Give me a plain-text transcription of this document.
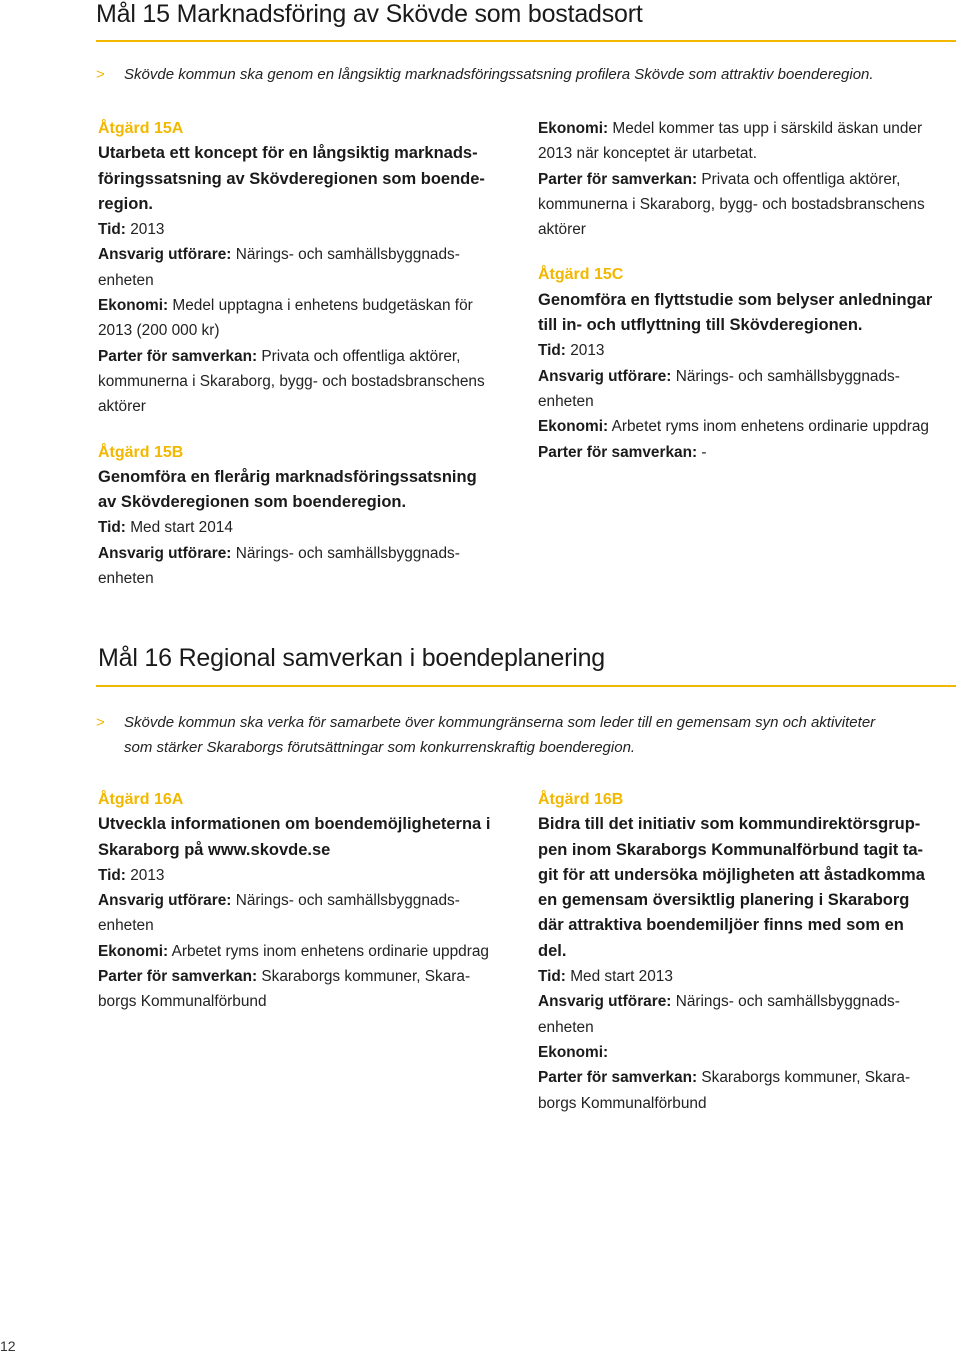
Mål 15 Marknadsföring av Skövde som bostadsort
> Skövde kommun ska genom en långsiktig marknadsföringssatsning profilera Skövde som attraktiv boenderegion.
Åtgärd 15A
Utarbeta ett koncept för en långsiktig marknads-
föringssatsning av Skövderegionen som boende-
region.
Tid: 2013
Ansvarig utförare: Närings- och samhällsbyggnads-
enheten
Ekonomi: Medel upptagna i enhetens budgetäskan för
2013 (200 000 kr)
Parter för samverkan: Privata och offentliga aktörer,
kommunerna i Skaraborg, bygg- och bostadsbranschens
aktörer
Åtgärd 15B
Genomföra en flerårig marknadsföringssatsning
av Skövderegionen som boenderegion.
Tid: Med start 2014
Ansvarig utförare: Närings- och samhällsbyggnads-
enheten
Ekonomi: Medel kommer tas upp i särskild äskan under
2013 när konceptet är utarbetat.
Parter för samverkan: Privata och offentliga aktörer,
kommunerna i Skaraborg, bygg- och bostadsbranschens
aktörer
Åtgärd 15C
Genomföra en flyttstudie som belyser anledningar
till in- och utflyttning till Skövderegionen.
Tid: 2013
Ansvarig utförare: Närings- och samhällsbyggnads-
enheten
Ekonomi: Arbetet ryms inom enhetens ordinarie uppdrag
Parter för samverkan: -
Mål 16 Regional samverkan i boendeplanering
> Skövde kommun ska verka för samarbete över kommungränserna som leder till en gemensam syn och aktiviteter
som stärker Skaraborgs förutsättningar som konkurrenskraftig boenderegion.
Åtgärd 16A
Utveckla informationen om boendemöjligheterna i
Skaraborg på www.skovde.se
Tid: 2013
Ansvarig utförare: Närings- och samhällsbyggnads-
enheten
Ekonomi: Arbetet ryms inom enhetens ordinarie uppdrag
Parter för samverkan: Skaraborgs kommuner, Skara-
borgs Kommunalförbund
Åtgärd 16B
Bidra till det initiativ som kommundirektörsgrup-
pen inom Skaraborgs Kommunalförbund tagit ta-
git för att undersöka möjligheten att åstadkomma
en gemensam översiktlig planering i Skaraborg
där attraktiva boendemiljöer finns med som en
del.
Tid: Med start 2013
Ansvarig utförare: Närings- och samhällsbyggnads-
enheten
Ekonomi:
Parter för samverkan: Skaraborgs kommuner, Skara-
borgs Kommunalförbund
12
